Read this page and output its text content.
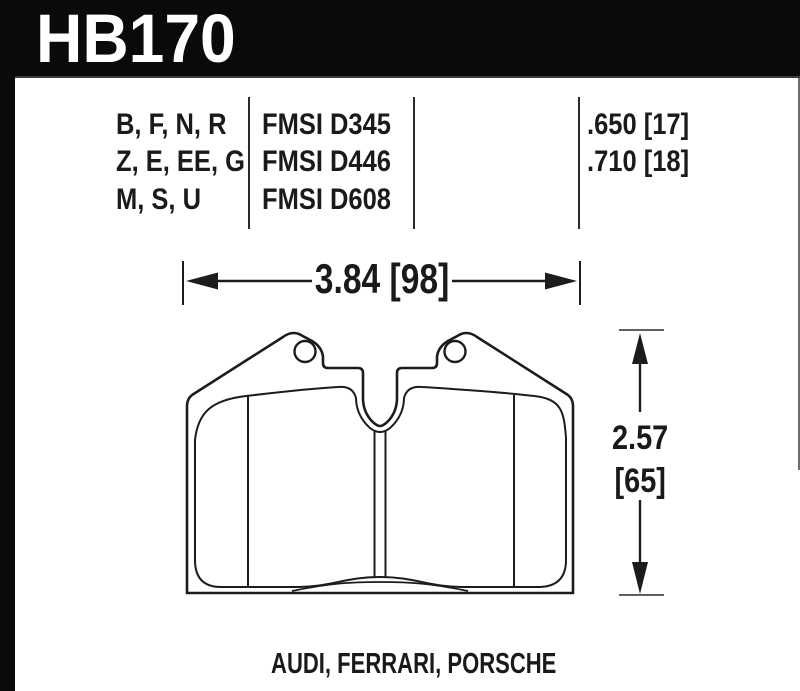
HB170
B, F, N, R
Z, E, EE, G
M, S, U
FMSI D345
FMSI D446
FMSI D608
.650 [17]
.710 [18]
3.84 [98]
2.57
[65]
AUDI, FERRARI, PORSCHE
